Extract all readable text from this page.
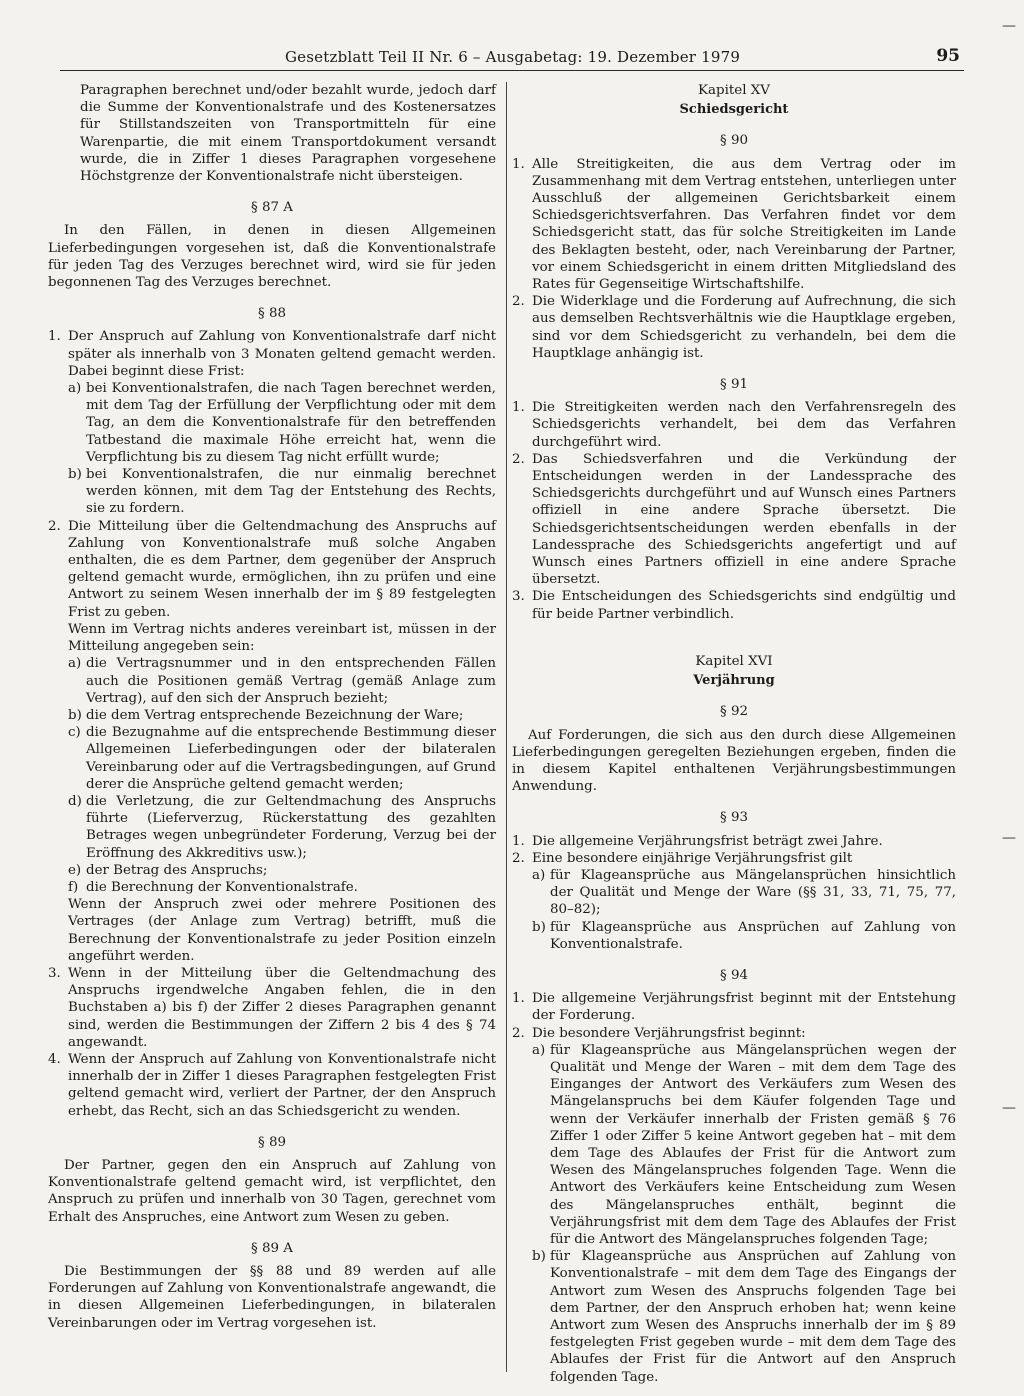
Gesetzblatt Teil II Nr. 6 – Ausgabetag: 19. Dezember 1979	95

Paragraphen berechnet und/oder bezahlt wurde, jedoch darf die Summe der Konventionalstrafe und des Kostenersatzes für Stillstandszeiten von Transportmitteln für eine Warenpartie, die mit einem Transportdokument versandt wurde, die in Ziffer 1 dieses Paragraphen vorgesehene Höchstgrenze der Konventionalstrafe nicht übersteigen.

§ 87 A

In den Fällen, in denen in diesen Allgemeinen Lieferbedingungen vorgesehen ist, daß die Konventionalstrafe für jeden Tag des Verzuges berechnet wird, wird sie für jeden begonnenen Tag des Verzuges berechnet.

§ 88

1. Der Anspruch auf Zahlung von Konventionalstrafe darf nicht später als innerhalb von 3 Monaten geltend gemacht werden. Dabei beginnt diese Frist:
a) bei Konventionalstrafen, die nach Tagen berechnet werden, mit dem Tag der Erfüllung der Verpflichtung oder mit dem Tag, an dem die Konventionalstrafe für den betreffenden Tatbestand die maximale Höhe erreicht hat, wenn die Verpflichtung bis zu diesem Tag nicht erfüllt wurde;
b) bei Konventionalstrafen, die nur einmalig berechnet werden können, mit dem Tag der Entstehung des Rechts, sie zu fordern.
2. Die Mitteilung über die Geltendmachung des Anspruchs auf Zahlung von Konventionalstrafe muß solche Angaben enthalten, die es dem Partner, dem gegenüber der Anspruch geltend gemacht wurde, ermöglichen, ihn zu prüfen und eine Antwort zu seinem Wesen innerhalb der im § 89 festgelegten Frist zu geben.

Wenn im Vertrag nichts anderes vereinbart ist, müssen in der Mitteilung angegeben sein:

a) die Vertragsnummer und in den entsprechenden Fällen auch die Positionen gemäß Vertrag (gemäß Anlage zum Vertrag), auf den sich der Anspruch bezieht;
b) die dem Vertrag entsprechende Bezeichnung der Ware;
c) die Bezugnahme auf die entsprechende Bestimmung dieser Allgemeinen Lieferbedingungen oder der bilateralen Vereinbarung oder auf die Vertragsbedingungen, auf Grund derer die Ansprüche geltend gemacht werden;
d) die Verletzung, die zur Geltendmachung des Anspruchs führte (Lieferverzug, Rückerstattung des gezahlten Betrages wegen unbegründeter Forderung, Verzug bei der Eröffnung des Akkreditivs usw.);
e) der Betrag des Anspruchs;
f) die Berechnung der Konventionalstrafe.

Wenn der Anspruch zwei oder mehrere Positionen des Vertrages (der Anlage zum Vertrag) betrifft, muß die Berechnung der Konventionalstrafe zu jeder Position einzeln angeführt werden.

3. Wenn in der Mitteilung über die Geltendmachung des Anspruchs irgendwelche Angaben fehlen, die in den Buchstaben a) bis f) der Ziffer 2 dieses Paragraphen genannt sind, werden die Bestimmungen der Ziffern 2 bis 4 des § 74 angewandt.
4. Wenn der Anspruch auf Zahlung von Konventionalstrafe nicht innerhalb der in Ziffer 1 dieses Paragraphen festgelegten Frist geltend gemacht wird, verliert der Partner, der den Anspruch erhebt, das Recht, sich an das Schiedsgericht zu wenden.

§ 89

Der Partner, gegen den ein Anspruch auf Zahlung von Konventionalstrafe geltend gemacht wird, ist verpflichtet, den Anspruch zu prüfen und innerhalb von 30 Tagen, gerechnet vom Erhalt des Anspruches, eine Antwort zum Wesen zu geben.

§ 89 A

Die Bestimmungen der §§ 88 und 89 werden auf alle Forderungen auf Zahlung von Konventionalstrafe angewandt, die in diesen Allgemeinen Lieferbedingungen, in bilateralen Vereinbarungen oder im Vertrag vorgesehen ist.

Kapitel XV

Schiedsgericht

§ 90

1. Alle Streitigkeiten, die aus dem Vertrag oder im Zusammenhang mit dem Vertrag entstehen, unterliegen unter Ausschluß der allgemeinen Gerichtsbarkeit einem Schiedsgerichtsverfahren. Das Verfahren findet vor dem Schiedsgericht statt, das für solche Streitigkeiten im Lande des Beklagten besteht, oder, nach Vereinbarung der Partner, vor einem Schiedsgericht in einem dritten Mitgliedsland des Rates für Gegenseitige Wirtschaftshilfe.
2. Die Widerklage und die Forderung auf Aufrechnung, die sich aus demselben Rechtsverhältnis wie die Hauptklage ergeben, sind vor dem Schiedsgericht zu verhandeln, bei dem die Hauptklage anhängig ist.

§ 91

1. Die Streitigkeiten werden nach den Verfahrensregeln des Schiedsgerichts verhandelt, bei dem das Verfahren durchgeführt wird.
2. Das Schiedsverfahren und die Verkündung der Entscheidungen werden in der Landessprache des Schiedsgerichts durchgeführt und auf Wunsch eines Partners offiziell in eine andere Sprache übersetzt. Die Schiedsgerichtsentscheidungen werden ebenfalls in der Landessprache des Schiedsgerichts angefertigt und auf Wunsch eines Partners offiziell in eine andere Sprache übersetzt.
3. Die Entscheidungen des Schiedsgerichts sind endgültig und für beide Partner verbindlich.

Kapitel XVI

Verjährung

§ 92

Auf Forderungen, die sich aus den durch diese Allgemeinen Lieferbedingungen geregelten Beziehungen ergeben, finden die in diesem Kapitel enthaltenen Verjährungsbestimmungen Anwendung.

§ 93

1. Die allgemeine Verjährungsfrist beträgt zwei Jahre.
2. Eine besondere einjährige Verjährungsfrist gilt
a) für Klageansprüche aus Mängelansprüchen hinsichtlich der Qualität und Menge der Ware (§§ 31, 33, 71, 75, 77, 80–82);
b) für Klageansprüche aus Ansprüchen auf Zahlung von Konventionalstrafe.

§ 94

1. Die allgemeine Verjährungsfrist beginnt mit der Entstehung der Forderung.
2. Die besondere Verjährungsfrist beginnt:
a) für Klageansprüche aus Mängelansprüchen wegen der Qualität und Menge der Waren – mit dem dem Tage des Einganges der Antwort des Verkäufers zum Wesen des Mängelanspruchs bei dem Käufer folgenden Tage und wenn der Verkäufer innerhalb der Fristen gemäß § 76 Ziffer 1 oder Ziffer 5 keine Antwort gegeben hat – mit dem dem Tage des Ablaufes der Frist für die Antwort zum Wesen des Mängelanspruches folgenden Tage. Wenn die Antwort des Verkäufers keine Entscheidung zum Wesen des Mängelanspruches enthält, beginnt die Verjährungsfrist mit dem dem Tage des Ablaufes der Frist für die Antwort des Mängelanspruches folgenden Tage;
b) für Klageansprüche aus Ansprüchen auf Zahlung von Konventionalstrafe – mit dem dem Tage des Eingangs der Antwort zum Wesen des Anspruchs folgenden Tage bei dem Partner, der den Anspruch erhoben hat; wenn keine Antwort zum Wesen des Anspruchs innerhalb der im § 89 festgelegten Frist gegeben wurde – mit dem dem Tage des Ablaufes der Frist für die Antwort auf den Anspruch folgenden Tage.
—
—
—
